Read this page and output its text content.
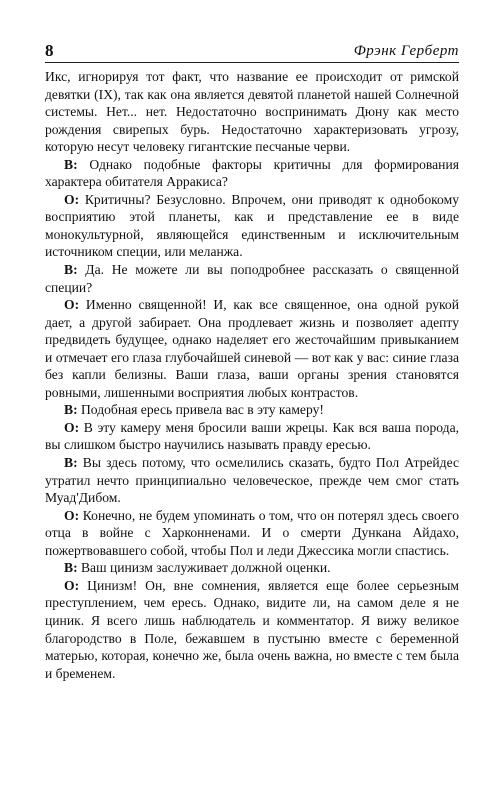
8	Фрэнк Герберт

Икс, игнорируя тот факт, что название ее происходит от римской девятки (IX), так как она является девятой планетой нашей Солнечной системы. Нет... нет. Недостаточно воспринимать Дюну как место рождения свирепых бурь. Недостаточно характеризовать угрозу, которую несут человеку гигантские песчаные черви.

В: Однако подобные факторы критичны для формирования характера обитателя Арракиса?

О: Критичны? Безусловно. Впрочем, они приводят к однобокому восприятию этой планеты, как и представление ее в виде монокультурной, являющейся единственным и исключительным источником специи, или меланжа.

В: Да. Не можете ли вы поподробнее рассказать о священной специи?

О: Именно священной! И, как все священное, она одной рукой дает, а другой забирает. Она продлевает жизнь и позволяет адепту предвидеть будущее, однако наделяет его жесточайшим привыканием и отмечает его глаза глубочайшей синевой — вот как у вас: синие глаза без капли белизны. Ваши глаза, ваши органы зрения становятся ровными, лишенными восприятия любых контрастов.

В: Подобная ересь привела вас в эту камеру!

О: В эту камеру меня бросили ваши жрецы. Как вся ваша порода, вы слишком быстро научились называть правду ересью.

В: Вы здесь потому, что осмелились сказать, будто Пол Атрейдес утратил нечто принципиально человеческое, прежде чем смог стать Муад'Дибом.

О: Конечно, не будем упоминать о том, что он потерял здесь своего отца в войне с Харконненами. И о смерти Дункана Айдахо, пожертвовавшего собой, чтобы Пол и леди Джессика могли спастись.

В: Ваш цинизм заслуживает должной оценки.

О: Цинизм! Он, вне сомнения, является еще более серьезным преступлением, чем ересь. Однако, видите ли, на самом деле я не циник. Я всего лишь наблюдатель и комментатор. Я вижу великое благородство в Поле, бежавшем в пустыню вместе с беременной матерью, которая, конечно же, была очень важна, но вместе с тем была и бременем.
